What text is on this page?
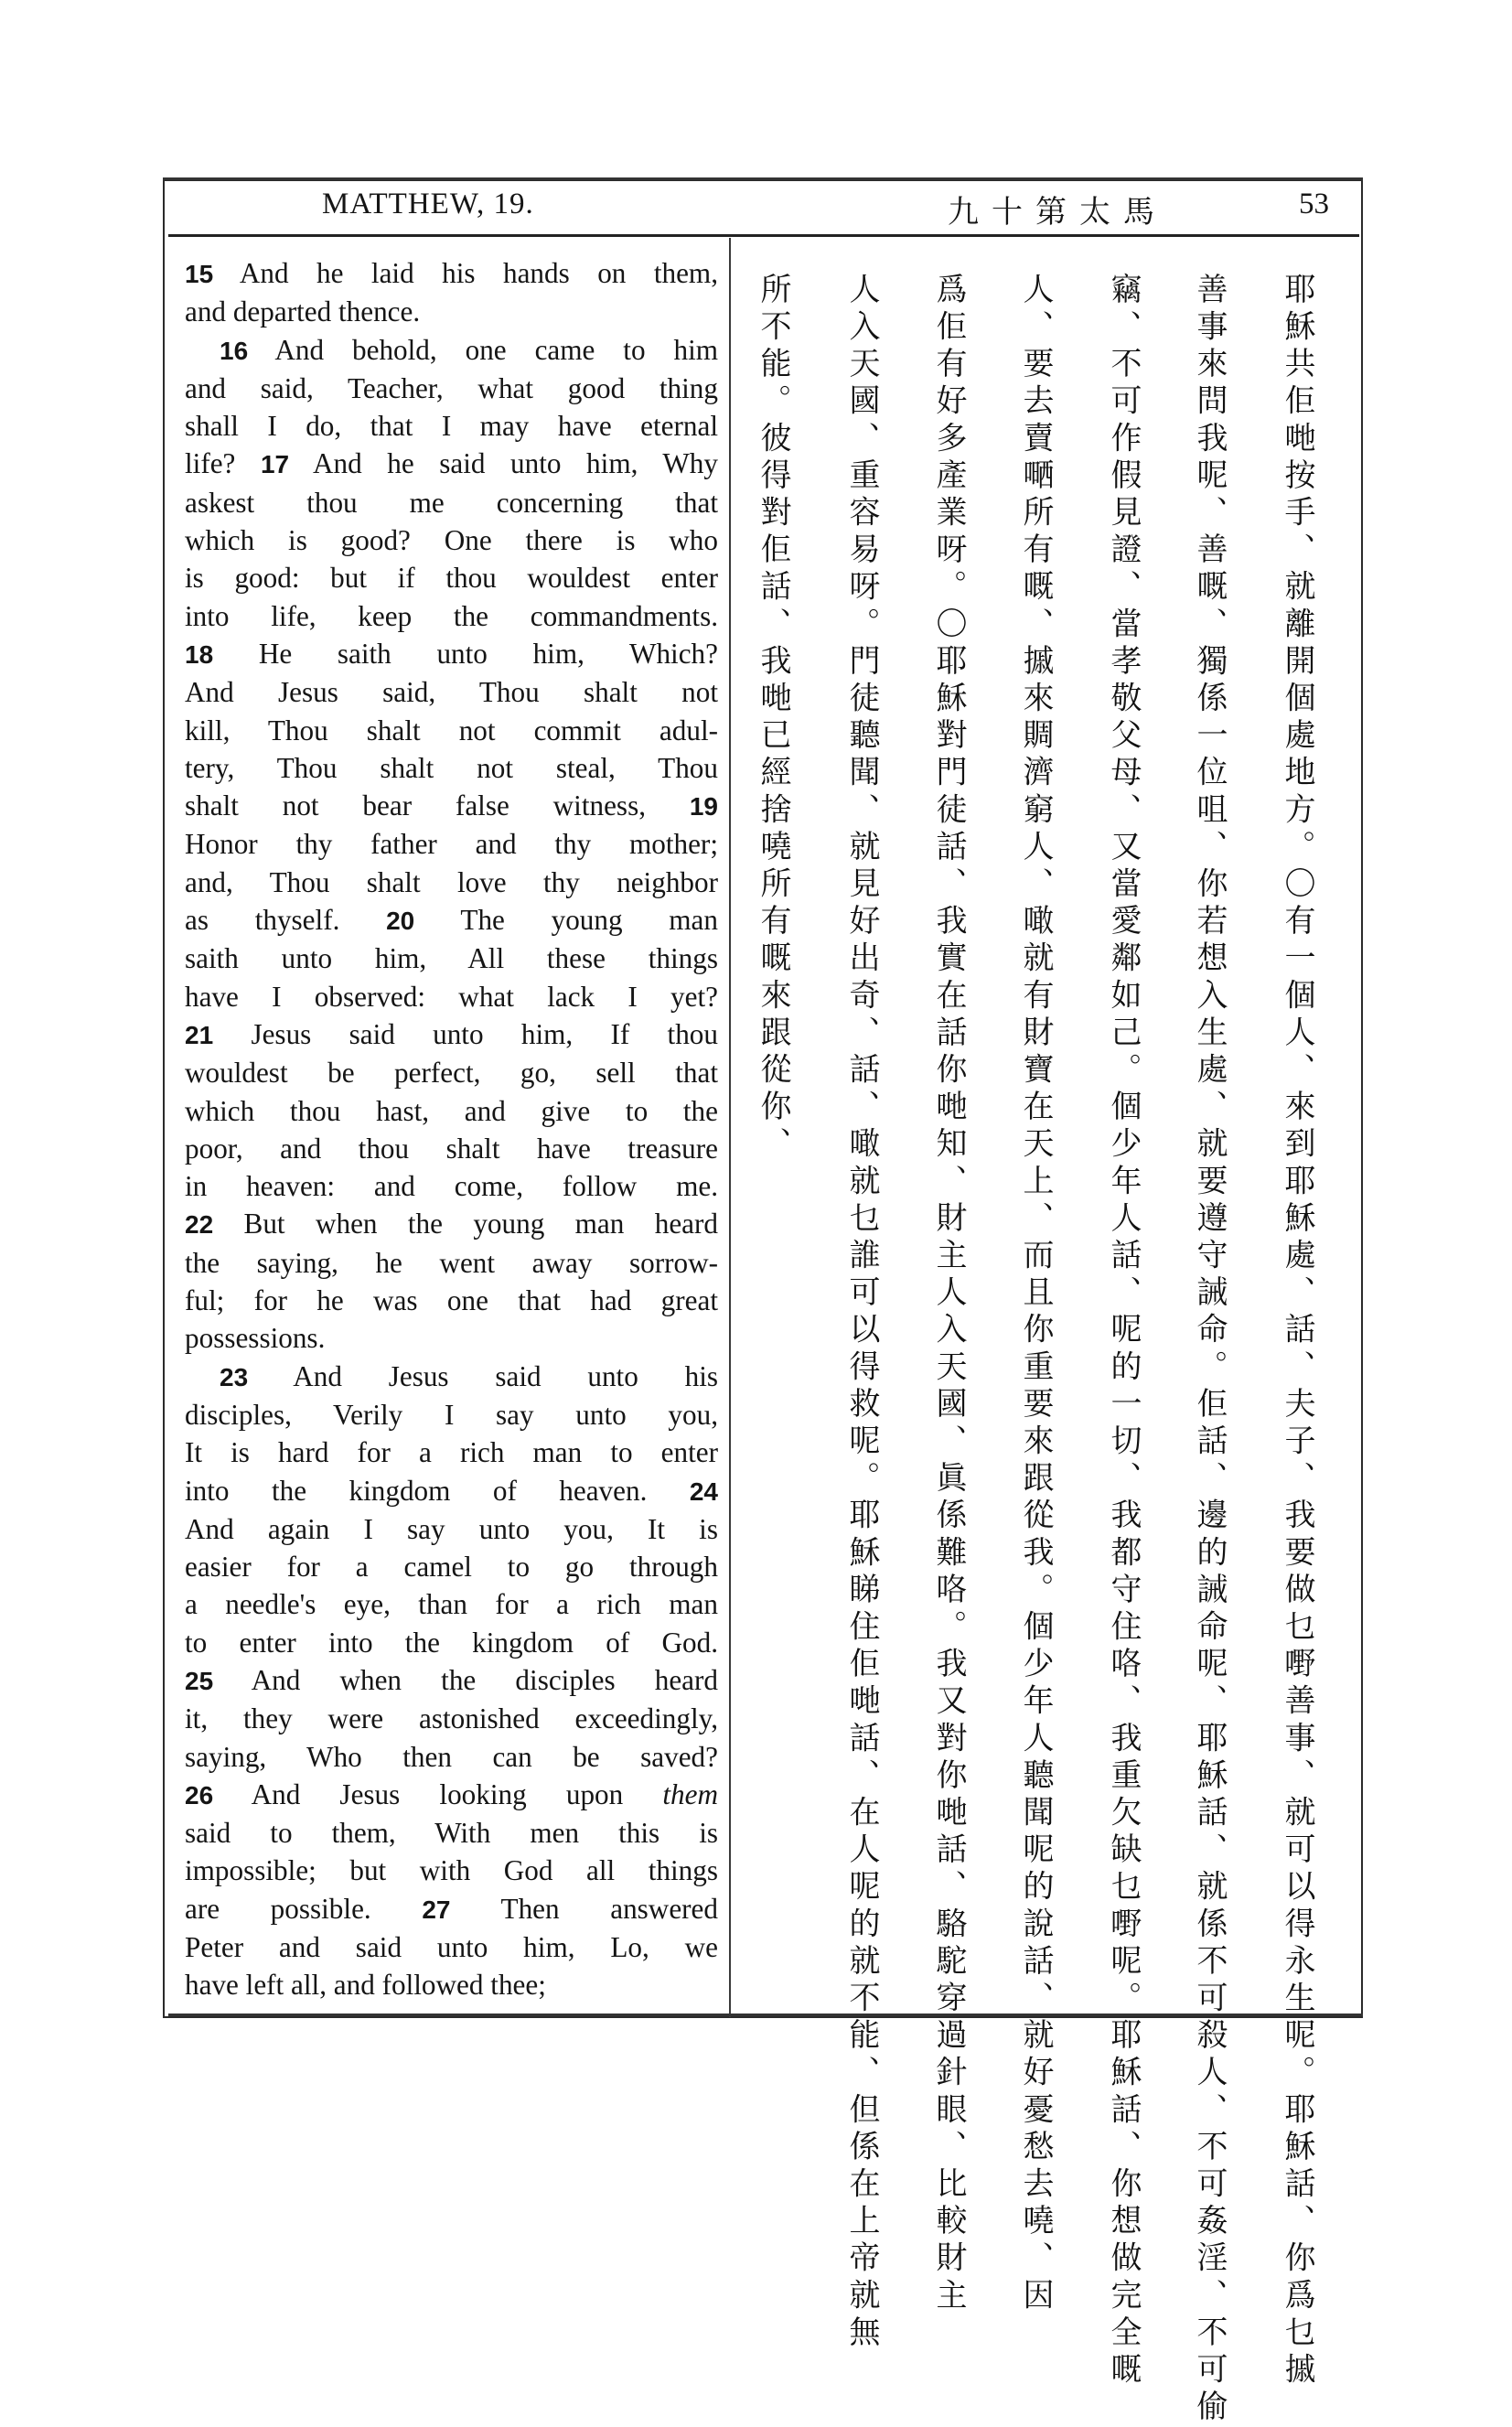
MATTHEW, 19.	九十第太馬	53
15 And he laid his hands on them,
and departed thence.
16 And behold, one came to him
and said, Teacher, what good thing
shall I do, that I may have eternal
life? 17 And he said unto him, Why
askest thou me concerning that
which is good? One there is who
is good: but if thou wouldest enter
into life, keep the commandments.
18 He saith unto him, Which?
And Jesus said, Thou shalt not
kill, Thou shalt not commit adul-
tery, Thou shalt not steal, Thou
shalt not bear false witness, 19
Honor thy father and thy mother;
and, Thou shalt love thy neighbor
as thyself. 20 The young man
saith unto him, All these things
have I observed: what lack I yet?
21 Jesus said unto him, If thou
wouldest be perfect, go, sell that
which thou hast, and give to the
poor, and thou shalt have treasure
in heaven: and come, follow me.
22 But when the young man heard
the saying, he went away sorrow-
ful; for he was one that had great
possessions.
23 And Jesus said unto his
disciples, Verily I say unto you,
It is hard for a rich man to enter
into the kingdom of heaven. 24
And again I say unto you, It is
easier for a camel to go through
a needle's eye, than for a rich man
to enter into the kingdom of God.
25 And when the disciples heard
it, they were astonished exceedingly,
saying, Who then can be saved?
26 And Jesus looking upon them
said to them, With men this is
impossible; but with God all things
are possible. 27 Then answered
Peter and said unto him, Lo, we
have left all, and followed thee;	耶穌共佢哋按手、就離開個處地方。〇有一個人、來到耶穌處、話、夫子、我要做乜嘢善事、就可以得永生呢。耶穌話、你爲乜摵
善事來問我呢、善嘅、獨係一位咀、你若想入生處、就要遵守誡命。佢話、邊的誡命呢、耶穌話、就係不可殺人、不可姦淫、不可偷
竊、不可作假見證、當孝敬父母、又當愛鄰如己。個少年人話、呢的一切、我都守住咯、我重欠缺乜嘢呢。耶穌話、你想做完全嘅
人、要去賣嗮所有嘅、摵來賙濟窮人、噉就有財寶在天上、而且你重要來跟從我。個少年人聽聞呢的說話、就好憂愁去嘵、因
爲佢有好多產業呀。〇耶穌對門徒話、我實在話你哋知、財主人入天國、眞係難咯。我又對你哋話、駱駝穿過針眼、比較財主
人入天國、重容易呀。門徒聽聞、就見好出奇、話、噉就乜誰可以得救呢。耶穌睇住佢哋話、在人呢的就不能、但係在上帝就無
所不能。彼得對佢話、我哋已經捨嘵所有嘅來跟從你、
